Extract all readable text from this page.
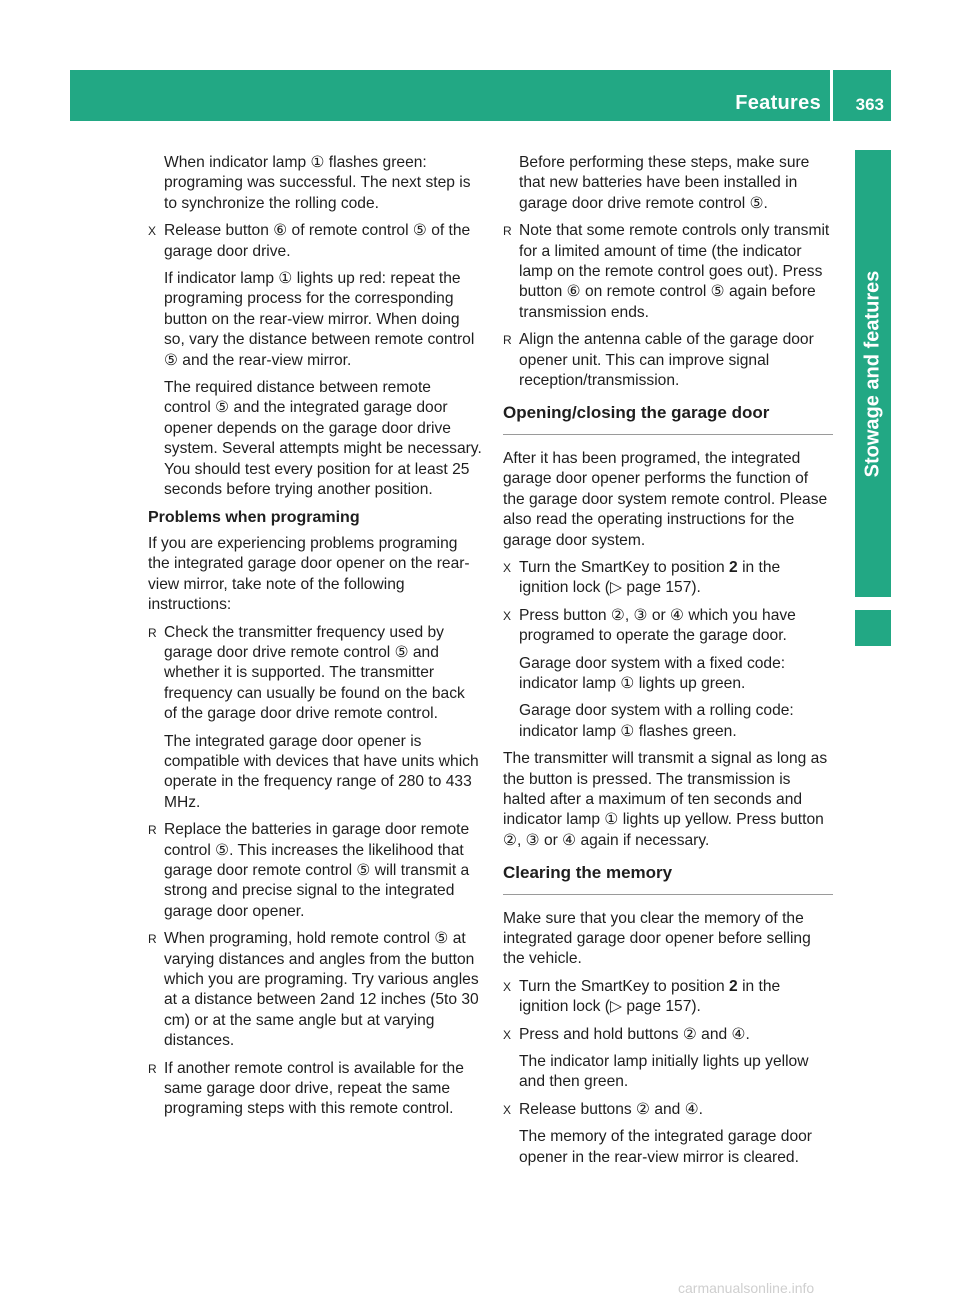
Features 363
Stowage and features

When indicator lamp ① flashes green: programing was successful. The next step is to synchronize the rolling code.

X Release button ⑥ of remote control ⑤ of the garage door drive.

If indicator lamp ① lights up red: repeat the programing process for the corresponding button on the rear-view mirror. When doing so, vary the distance between remote control ⑤ and the rear-view mirror.

The required distance between remote control ⑤ and the integrated garage door opener depends on the garage door drive system. Several attempts might be necessary. You should test every position for at least 25 seconds before trying another position.

Problems when programing

If you are experiencing problems programing the integrated garage door opener on the rear-view mirror, take note of the following instructions:

R Check the transmitter frequency used by garage door drive remote control ⑤ and whether it is supported. The transmitter frequency can usually be found on the back of the garage door drive remote control.

The integrated garage door opener is compatible with devices that have units which operate in the frequency range of 280 to 433 MHz.

R Replace the batteries in garage door remote control ⑤. This increases the likelihood that garage door remote control ⑤ will transmit a strong and precise signal to the integrated garage door opener.

R When programing, hold remote control ⑤ at varying distances and angles from the button which you are programing. Try various angles at a distance between 2and 12 inches (5to 30 cm) or at the same angle but at varying distances.

R If another remote control is available for the same garage door drive, repeat the same programing steps with this remote control.

Before performing these steps, make sure that new batteries have been installed in garage door drive remote control ⑤.

R Note that some remote controls only transmit for a limited amount of time (the indicator lamp on the remote control goes out). Press button ⑥ on remote control ⑤ again before transmission ends.

R Align the antenna cable of the garage door opener unit. This can improve signal reception/transmission.

Opening/closing the garage door

After it has been programed, the integrated garage door opener performs the function of the garage door system remote control. Please also read the operating instructions for the garage door system.

X Turn the SmartKey to position 2 in the ignition lock (▷ page 157).

X Press button ②, ③ or ④ which you have programed to operate the garage door.

Garage door system with a fixed code: indicator lamp ① lights up green.

Garage door system with a rolling code: indicator lamp ① flashes green.

The transmitter will transmit a signal as long as the button is pressed. The transmission is halted after a maximum of ten seconds and indicator lamp ① lights up yellow. Press button ②, ③ or ④ again if necessary.

Clearing the memory

Make sure that you clear the memory of the integrated garage door opener before selling the vehicle.

X Turn the SmartKey to position 2 in the ignition lock (▷ page 157).

X Press and hold buttons ② and ④.

The indicator lamp initially lights up yellow and then green.

X Release buttons ② and ④.

The memory of the integrated garage door opener in the rear-view mirror is cleared.

carmanualsonline.info
